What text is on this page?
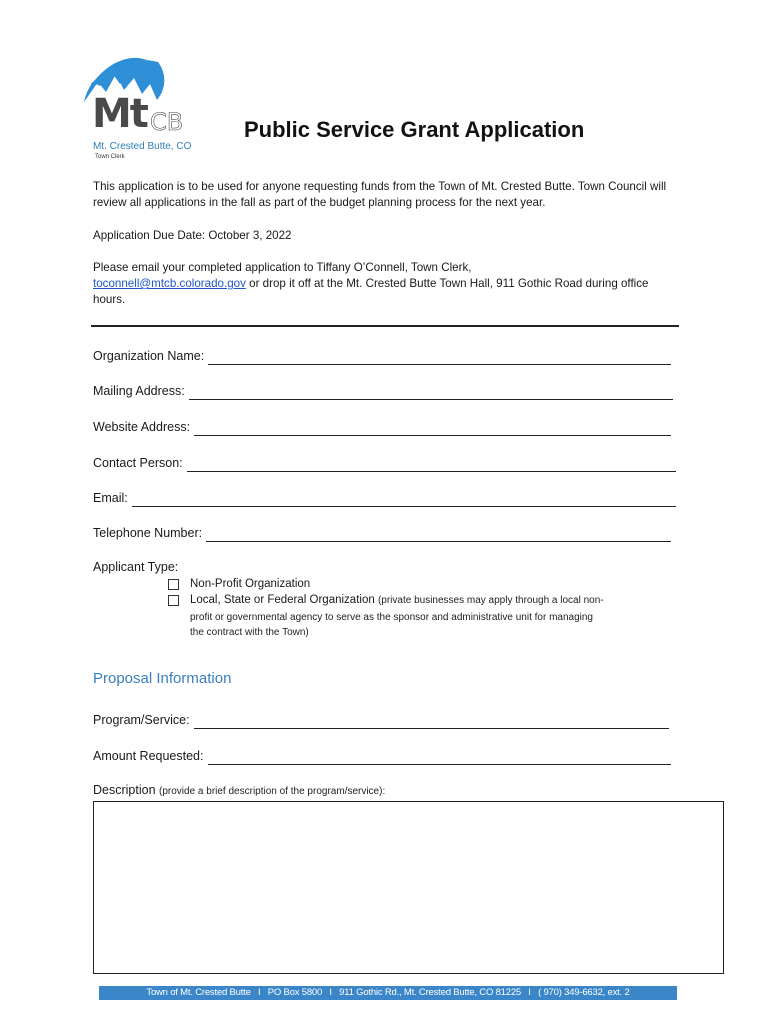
Mt CB
Mt. Crested Butte, CO
Town Clerk
Public Service Grant Application
This application is to be used for anyone requesting funds from the Town of Mt. Crested Butte. Town Council will review all applications in the fall as part of the budget planning process for the next year.
Application Due Date: October 3, 2022
Please email your completed application to Tiffany O’Connell, Town Clerk,
toconnell@mtcb.colorado.gov or drop it off at the Mt. Crested Butte Town Hall, 911 Gothic Road during office hours.
Organization Name:
Mailing Address:
Website Address:
Contact Person:
Email:
Telephone Number:
Applicant Type:
Non-Profit Organization
Local, State or Federal Organization (private businesses may apply through a local non-
profit or governmental agency to serve as the sponsor and administrative unit for managing
the contract with the Town)
Proposal Information
Program/Service:
Amount Requested:
Description (provide a brief description of the program/service):
Town of Mt. Crested Butte   I   PO Box 5800   I   911 Gothic Rd., Mt. Crested Butte, CO 81225   I   ( 970) 349-6632, ext. 2
